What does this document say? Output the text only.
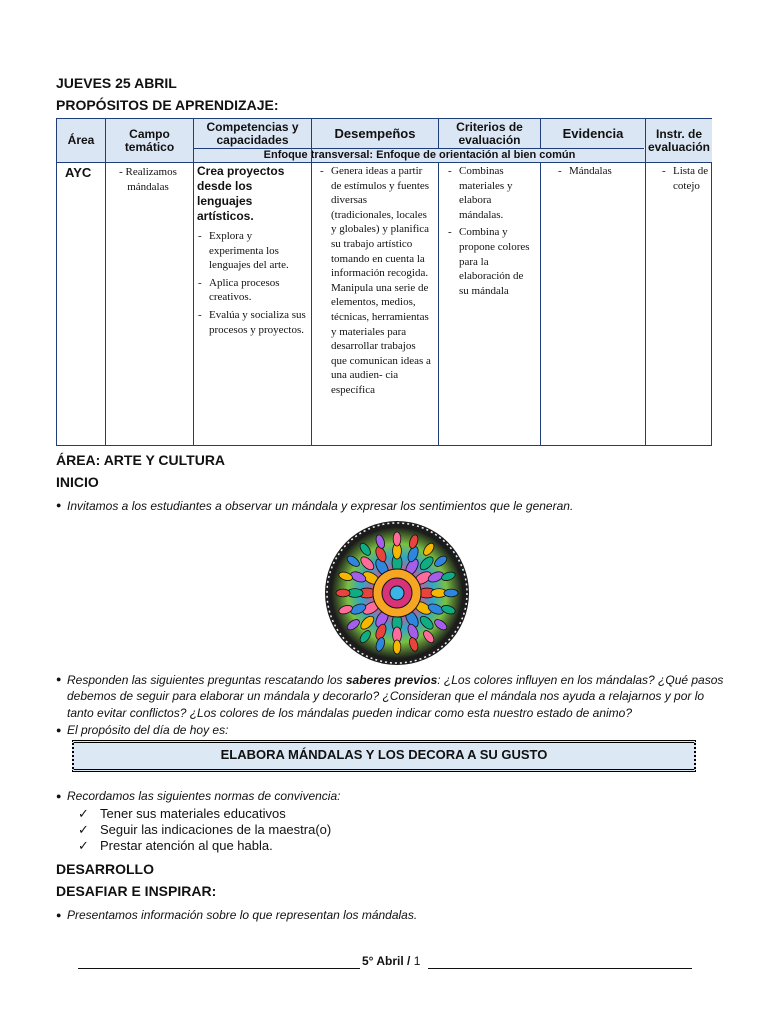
JUEVES 25 ABRIL
PROPÓSITOS DE APRENDIZAJE:
Área	Campo temático
Competencias y capacidades	Desempeños	Criterios de evaluación	Evidencia	Instr. de evaluación
Enfoque transversal: Enfoque de orientación al bien común
AYC	- Realizamos mándalas
Crea proyectos desde los lenguajes artísticos.
- Explora y experimenta los lenguajes del arte.
- Aplica procesos creativos.
- Evalúa y socializa sus procesos y proyectos.
- Genera ideas a partir de estímulos y fuentes diversas (tradicionales, locales y globales) y planifica su trabajo artístico tomando en cuenta la información recogida. Manipula una serie de elementos, medios, técnicas, herramientas y materiales para desarrollar trabajos que comunican ideas a una audien- cia específica
- Combinas materiales y elabora mándalas.
- Combina y propone colores para la elaboración de su mándala
- Mándalas
-	Lista de cotejo
ÁREA: ARTE Y CULTURA
INICIO
● Invitamos a los estudiantes a observar un mándala y expresar los sentimientos que le generan.
● Responden las siguientes preguntas rescatando los saberes previos: ¿Los colores influyen en los mándalas? ¿Qué pasos
debemos de seguir para elaborar un mándala y decorarlo? ¿Consideran que el mándala nos ayuda a relajarnos y por lo
tanto evitar conflictos? ¿Los colores de los mándalas pueden indicar como esta nuestro estado de animo?
● El propósito del día de hoy es:
ELABORA MÁNDALAS Y LOS DECORA A SU GUSTO
● Recordamos las siguientes normas de convivencia:
✓ Tener sus materiales educativos
✓ Seguir las indicaciones de la maestra(o)
✓ Prestar atención al que habla.
DESARROLLO
DESAFIAR E INSPIRAR:
● Presentamos información sobre lo que representan los mándalas.
5° Abril / 1
